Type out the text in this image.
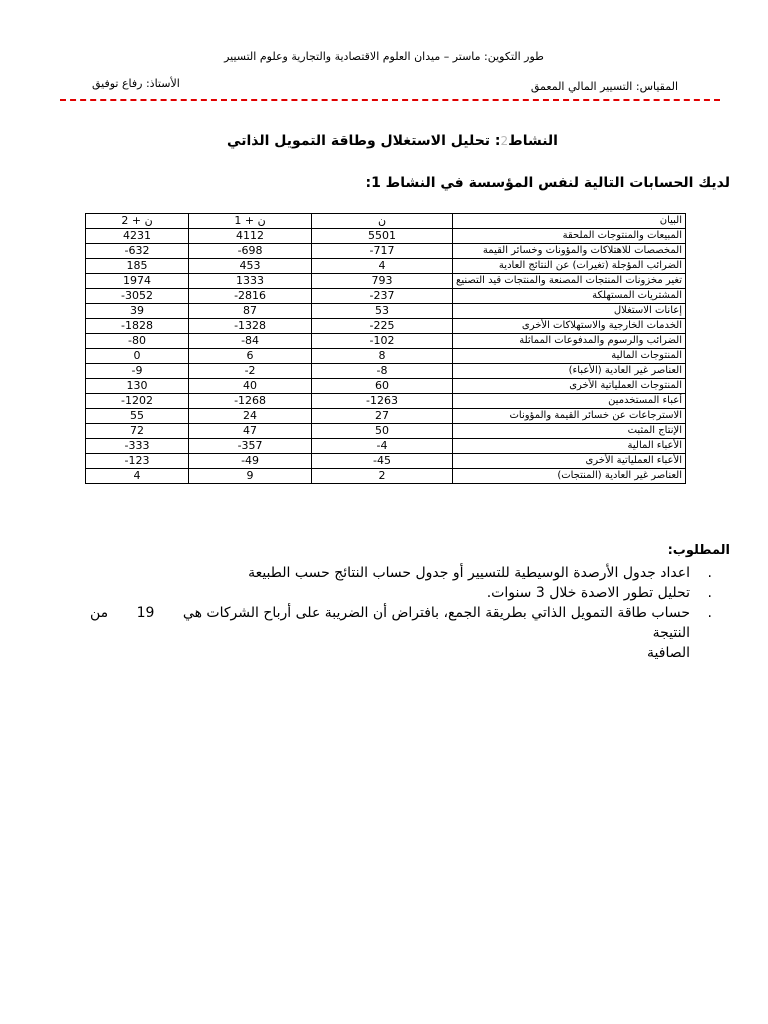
طور التكوين: ماستر – ميدان العلوم الاقتصادية والتجارية وعلوم التسيير
المقياس: التسيير المالي المعمق
الأستاذ: رفاع توفيق
النشاط2: تحليل الاستغلال وطاقة التمويل الذاتي
لديك الحسابات التالية لنفس المؤسسة في النشاط 1:
ن + 2	ن + 1	ن	البيان
4231	4112	5501	المبيعات والمنتوجات الملحقة
-632	-698	-717	المخصصات للاهتلاكات والمؤونات وخسائر القيمة
185	453	4	الضرائب المؤجلة (تغيرات) عن النتائج العادية
1974	1333	793	تغير مخزونات المنتجات المصنعة والمنتجات قيد التصنيع
-3052	-2816	-237	المشتريات المستهلكة
39	87	53	إعانات الاستغلال
-1828	-1328	-225	الخدمات الخارجية والاستهلاكات الأخرى
-80	-84	-102	الضرائب والرسوم والمدفوعات المماثلة
0	6	8	المنتوجات المالية
-9	-2	-8	العناصر غير العادية (الأعباء)
130	40	60	المنتوجات العملياتية الأخرى
-1202	-1268	-1263	أعباء المستخدمين
55	24	27	الاسترجاعات عن خسائر القيمة والمؤونات
72	47	50	الإنتاج المثبت
-333	-357	-4	الأعباء المالية
-123	-49	-45	الأعباء العملياتية الأخرى
4	9	2	العناصر غير العادية (المنتجات)
المطلوب:
.
اعداد جدول الأرصدة الوسيطية للتسيير أو جدول حساب النتائج حسب الطبيعة
.
تحليل تطور الاصدة خلال 3 سنوات.
.
حساب طاقة التمويل الذاتي بطريقة الجمع، بافتراض أن الضريبة على أرباح الشركات هي 19 من النتيجة
الصافية
